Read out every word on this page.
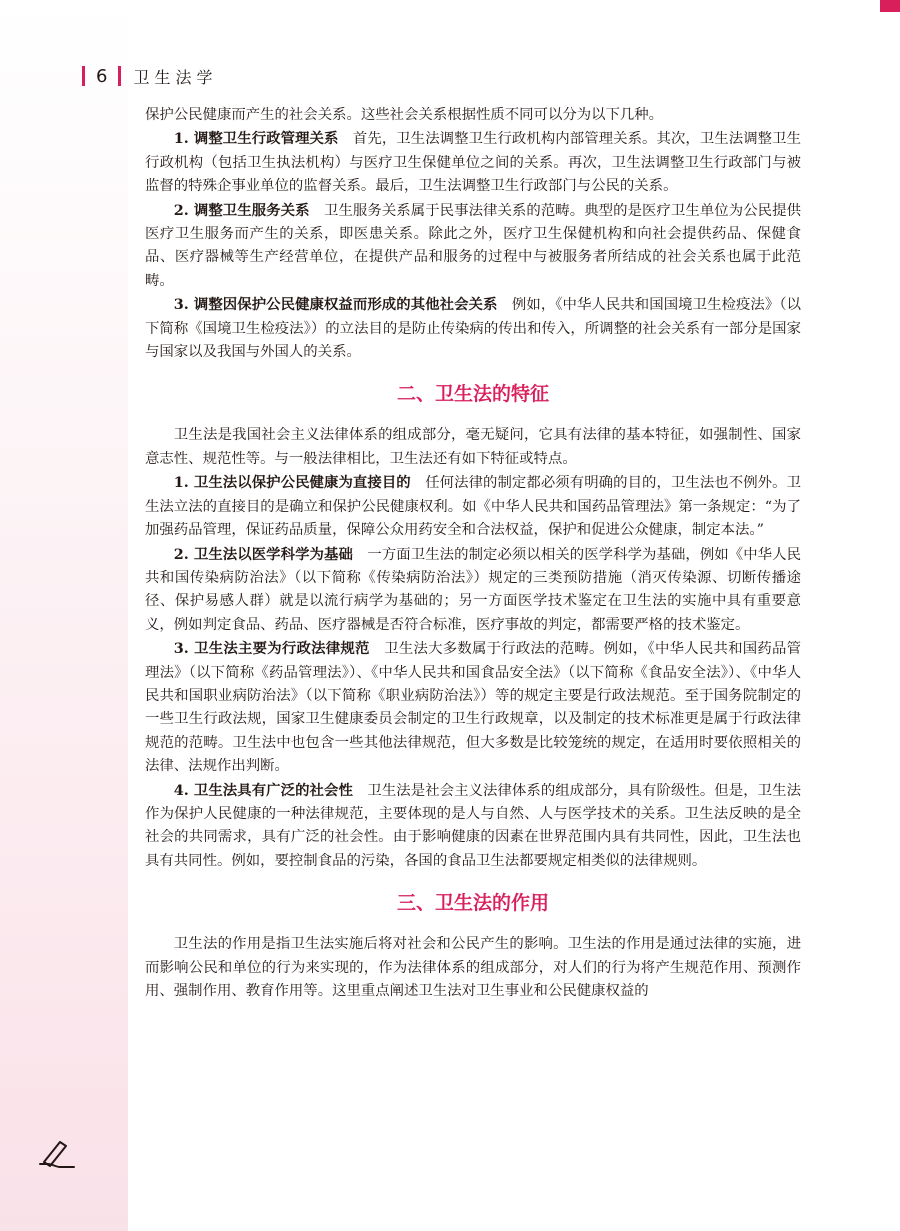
6 卫生法学

保护公民健康而产生的社会关系。这些社会关系根据性质不同可以分为以下几种。

1. 调整卫生行政管理关系　 首先，卫生法调整卫生行政机构内部管理关系。其次，卫生法调整卫生行政机构（包括卫生执法机构）与医疗卫生保健单位之间的关系。再次，卫生法调整卫生行政部门与被监督的特殊企事业单位的监督关系。最后，卫生法调整卫生行政部门与公民的关系。

2. 调整卫生服务关系　 卫生服务关系属于民事法律关系的范畴。典型的是医疗卫生单位为公民提供医疗卫生服务而产生的关系，即医患关系。除此之外，医疗卫生保健机构和向社会提供药品、保健食品、医疗器械等生产经营单位，在提供产品和服务的过程中与被服务者所结成的社会关系也属于此范畴。

3. 调整因保护公民健康权益而形成的其他社会关系　 例如，《中华人民共和国国境卫生检疫法》（以下简称《国境卫生检疫法》）的立法目的是防止传染病的传出和传入，所调整的社会关系有一部分是国家与国家以及我国与外国人的关系。

二、卫生法的特征

卫生法是我国社会主义法律体系的组成部分，毫无疑问，它具有法律的基本特征，如强制性、国家意志性、规范性等。与一般法律相比，卫生法还有如下特征或特点。

1. 卫生法以保护公民健康为直接目的　 任何法律的制定都必须有明确的目的，卫生法也不例外。卫生法立法的直接目的是确立和保护公民健康权利。如《中华人民共和国药品管理法》第一条规定：“为了加强药品管理，保证药品质量，保障公众用药安全和合法权益，保护和促进公众健康，制定本法。”

2. 卫生法以医学科学为基础　 一方面卫生法的制定必须以相关的医学科学为基础，例如《中华人民共和国传染病防治法》（以下简称《传染病防治法》）规定的三类预防措施（消灭传染源、切断传播途径、保护易感人群）就是以流行病学为基础的；另一方面医学技术鉴定在卫生法的实施中具有重要意义，例如判定食品、药品、医疗器械是否符合标准，医疗事故的判定，都需要严格的技术鉴定。

3. 卫生法主要为行政法律规范　 卫生法大多数属于行政法的范畴。例如，《中华人民共和国药品管理法》（以下简称《药品管理法》）、《中华人民共和国食品安全法》（以下简称《食品安全法》）、《中华人民共和国职业病防治法》（以下简称《职业病防治法》）等的规定主要是行政法规范。至于国务院制定的一些卫生行政法规，国家卫生健康委员会制定的卫生行政规章，以及制定的技术标准更是属于行政法律规范的范畴。卫生法中也包含一些其他法律规范，但大多数是比较笼统的规定，在适用时要依照相关的法律、法规作出判断。

4. 卫生法具有广泛的社会性　 卫生法是社会主义法律体系的组成部分，具有阶级性。但是，卫生法作为保护人民健康的一种法律规范，主要体现的是人与自然、人与医学技术的关系。卫生法反映的是全社会的共同需求，具有广泛的社会性。由于影响健康的因素在世界范围内具有共同性，因此，卫生法也具有共同性。例如，要控制食品的污染，各国的食品卫生法都要规定相类似的法律规则。

三、卫生法的作用

卫生法的作用是指卫生法实施后将对社会和公民产生的影响。卫生法的作用是通过法律的实施，进而影响公民和单位的行为来实现的，作为法律体系的组成部分，对人们的行为将产生规范作用、预测作用、强制作用、教育作用等。这里重点阐述卫生法对卫生事业和公民健康权益的
